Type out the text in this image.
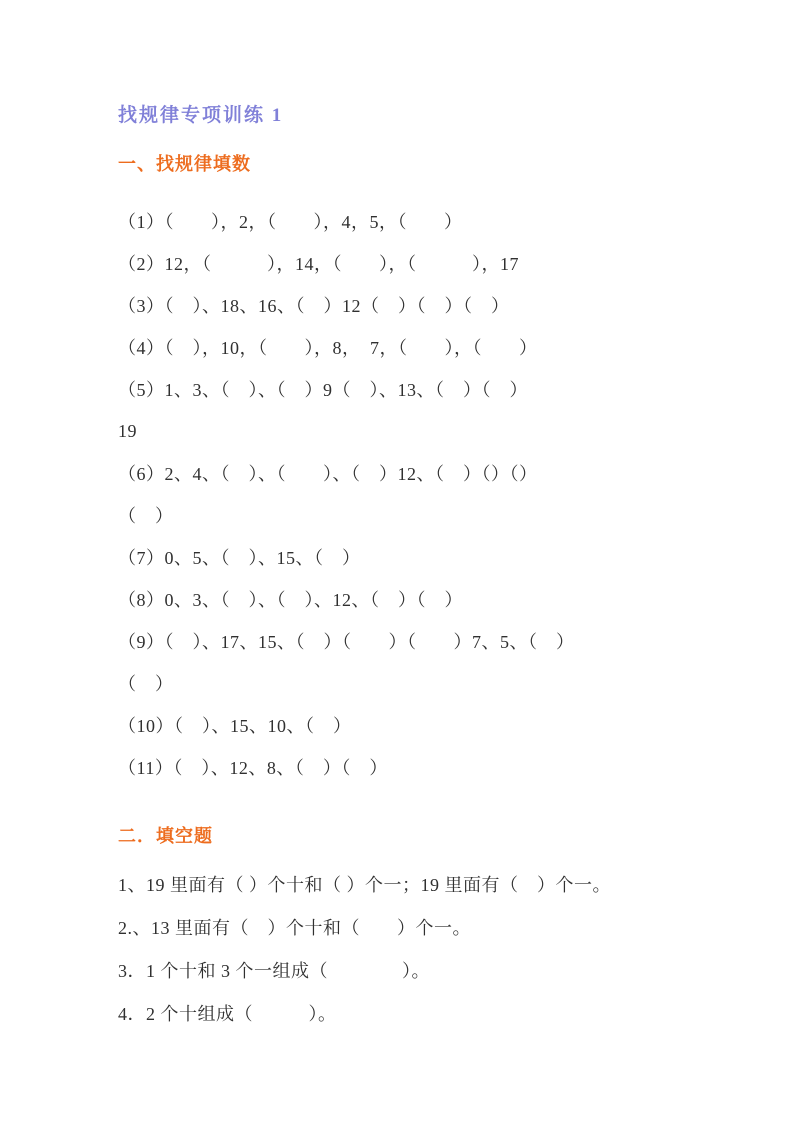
找规律专项训练 1
一、找规律填数
（1）（　　），2，（　　），4，5，（　　）
（2）12，（　　　），14，（　　），（　　　），17
（3）（　）、18、16、（　）12（　）（　）（　）
（4）（　），10，（　　），8，　7，（　　），（　　）
（5）1、3、（　）、（　）9（　）、13、（　）（　）
19
（6）2、4、（　）、（　　）、（　）12、（　）（）（）
（　）
（7）0、5、（　）、15、（　）
（8）0、3、（　）、（　）、12、（　）（　）
（9）（　）、17、15、（　）（　　）（　　）7、5、（　）
（　）
（10）（　）、15、10、（　）
（11）（　）、12、8、（　）（　）
二．填空题
1、19 里面有（ ）个十和（ ）个一；19 里面有（　）个一。
2.、13 里面有（　）个十和（　　）个一。
3．1 个十和 3 个一组成（　　　　）。
4．2 个十组成（　　　）。
